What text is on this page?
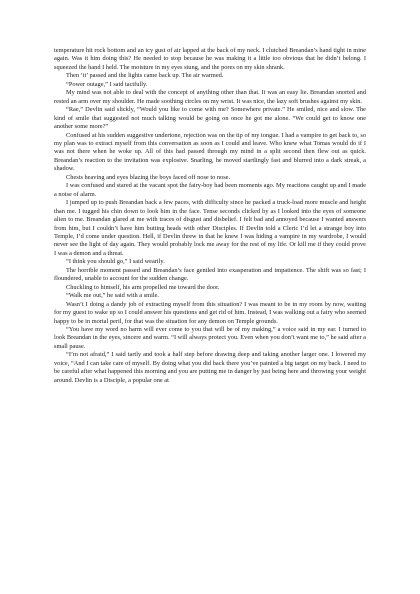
temperature hit rock bottom and an icy gust of air lapped at the back of my neck. I clutched Breandan’s hand tight in mine again. Was it him doing this? He needed to stop because he was making it a little too obvious that he didn’t belong. I squeezed the hand I held. The moisture in my eyes stung, and the pores on my skin shrank.

Then ‘it’ passed and the lights came back up. The air warmed.

“Power outage,” I said tactfully.

My mind was not able to deal with the concept of anything other than that. It was an easy lie. Breandan snorted and rested an arm over my shoulder. He made soothing circles on my wrist. It was nice, the lazy soft brushes against my skin.

“Rae,” Devlin said slickly, “Would you like to come with me? Somewhere private.” He smiled, nice and slow. The kind of smile that suggested not much talking would be going on once he got me alone. “We could get to know one another some more?”

Confused at his sudden suggestive undertone, rejection was on the tip of my tongue. I had a vampire to get back to, so my plan was to extract myself from this conversation as soon as I could and leave. Who knew what Tomas would do if I was not there when he woke up. All of this had passed through my mind in a split second then flew out as quick. Breandan’s reaction to the invitation was explosive. Snarling, he moved startlingly fast and blurred into a dark streak, a shadow.

Chests heaving and eyes blazing the boys faced off nose to nose.

I was confused and stared at the vacant spot the fairy-boy had been moments ago. My reactions caught up and I made a noise of alarm.

I jumped up to push Breandan back a few paces, with difficulty since he packed a truck-load more muscle and height than me. I tugged his chin down to look him in the face. Tense seconds clicked by as I looked into the eyes of someone alien to me. Breandan glared at me with traces of disgust and disbelief. I felt bad and annoyed because I wanted answers from him, but I couldn’t have him butting heads with other Disciples. If Devlin told a Cleric I’d let a strange boy into Temple, I’d come under question. Hell, if Devlin threw in that he knew I was hiding a vampire in my wardrobe, I would never see the light of day again. They would probably lock me away for the rest of my life. Or kill me if they could prove I was a demon and a threat.

“I think you should go,” I said wearily.

The horrible moment passed and Breandan’s face gentled into exasperation and impatience. The shift was so fast; I floundered, unable to account for the sudden change.

Chuckling to himself, his arm propelled me toward the door.

“Walk me out,” he said with a smile.

Wasn’t I doing a dandy job of extracting myself from this situation? I was meant to be in my room by now, waiting for my guest to wake up so I could answer his questions and get rid of him. Instead, I was walking out a fairy who seemed happy to be in mortal peril, for that was the situation for any demon on Temple grounds.

“You have my word no harm will ever come to you that will be of my making,” a voice said in my ear. I turned to look Breandan in the eyes, sincere and warm. “I will always protect you. Even when you don’t want me to,” he said after a small pause.

“I’m not afraid,” I said tartly and took a half step before drawing deep and taking another larger one. I lowered my voice, “And I can take care of myself. By doing what you did back there you’ve painted a big target on my back. I need to be careful after what happened this morning and you are putting me in danger by just being here and throwing your weight around. Devlin is a Disciple, a popular one at
